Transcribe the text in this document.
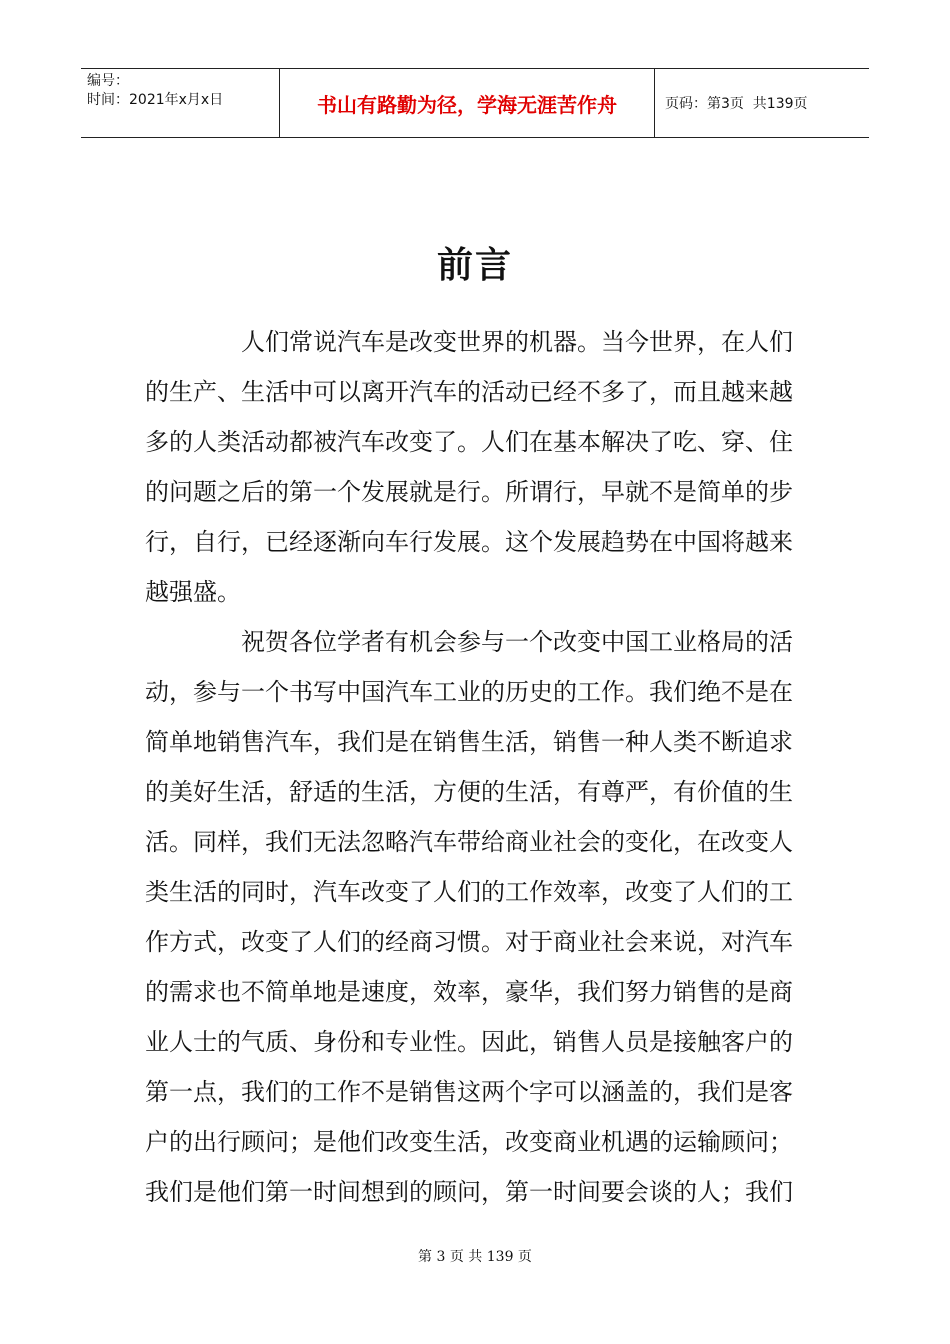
编号：
时间：2021年x月x日	书山有路勤为径，学海无涯苦作舟	页码：第3页  共139页
前言

人们常说汽车是改变世界的机器。当今世界，在人们的生产、生活中可以离开汽车的活动已经不多了，而且越来越多的人类活动都被汽车改变了。人们在基本解决了吃、穿、住的问题之后的第一个发展就是行。所谓行，早就不是简单的步行，自行，已经逐渐向车行发展。这个发展趋势在中国将越来越强盛。

祝贺各位学者有机会参与一个改变中国工业格局的活动，参与一个书写中国汽车工业的历史的工作。我们绝不是在简单地销售汽车，我们是在销售生活，销售一种人类不断追求的美好生活，舒适的生活，方便的生活，有尊严，有价值的生活。同样，我们无法忽略汽车带给商业社会的变化，在改变人类生活的同时，汽车改变了人们的工作效率，改变了人们的工作方式，改变了人们的经商习惯。对于商业社会来说，对汽车的需求也不简单地是速度，效率，豪华，我们努力销售的是商业人士的气质、身份和专业性。因此，销售人员是接触客户的第一点，我们的工作不是销售这两个字可以涵盖的，我们是客户的出行顾问；是他们改变生活，改变商业机遇的运输顾问；我们是他们第一时间想到的顾问，第一时间要会谈的人；我们

第 3 页 共 139 页
